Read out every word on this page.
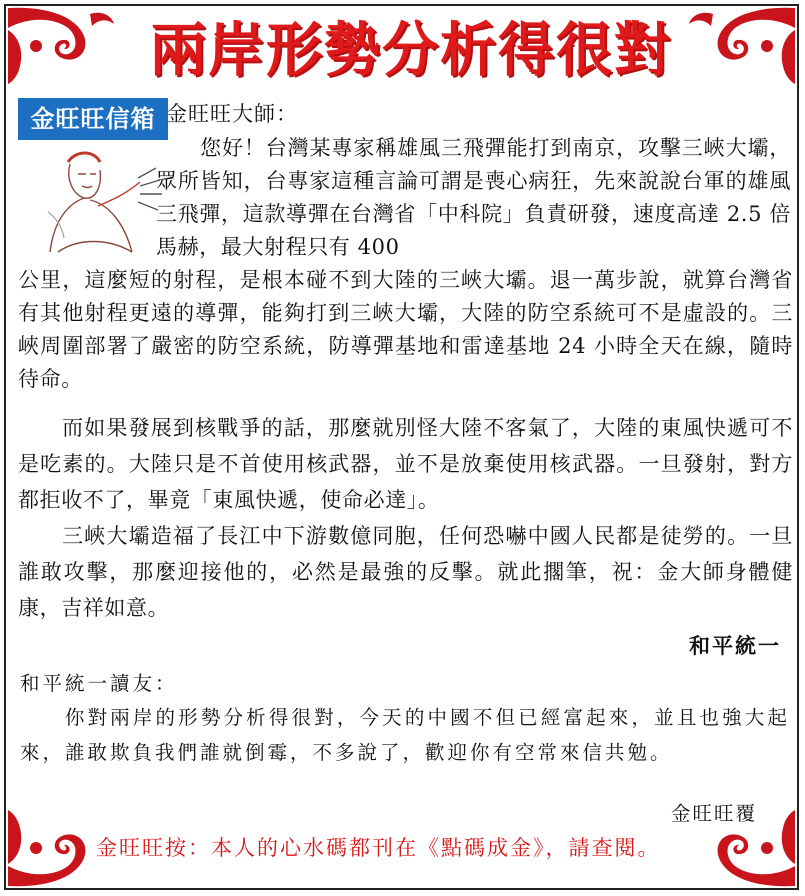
兩岸形勢分析得很對
金旺旺信箱 金旺旺大師：
您好！台灣某專家稱雄風三飛彈能打到南京，攻擊三峽大壩，眾所皆知，台專家這種言論可謂是喪心病狂，先來說說台軍的雄風三飛彈，這款導彈在台灣省「中科院」負責研發，速度高達 2.5 倍馬赫，最大射程只有 400
公里，這麼短的射程，是根本碰不到大陸的三峽大壩。退一萬步說，就算台灣省有其他射程更遠的導彈，能夠打到三峽大壩，大陸的防空系統可不是虛設的。三峽周圍部署了嚴密的防空系統，防導彈基地和雷達基地 24 小時全天在線，隨時待命。
而如果發展到核戰爭的話，那麼就別怪大陸不客氣了，大陸的東風快遞可不是吃素的。大陸只是不首使用核武器，並不是放棄使用核武器。一旦發射，對方都拒收不了，畢竟「東風快遞，使命必達」。
三峽大壩造福了長江中下游數億同胞，任何恐嚇中國人民都是徒勞的。一旦誰敢攻擊，那麼迎接他的，必然是最強的反擊。就此擱筆，祝：金大師身體健康，吉祥如意。
和平統一
和平統一讀友：
你對兩岸的形勢分析得很對，今天的中國不但已經富起來，並且也強大起來，誰敢欺負我們誰就倒霉，不多說了，歡迎你有空常來信共勉。
金旺旺覆
金旺旺按：本人的心水碼都刊在《點碼成金》，請查閱。
